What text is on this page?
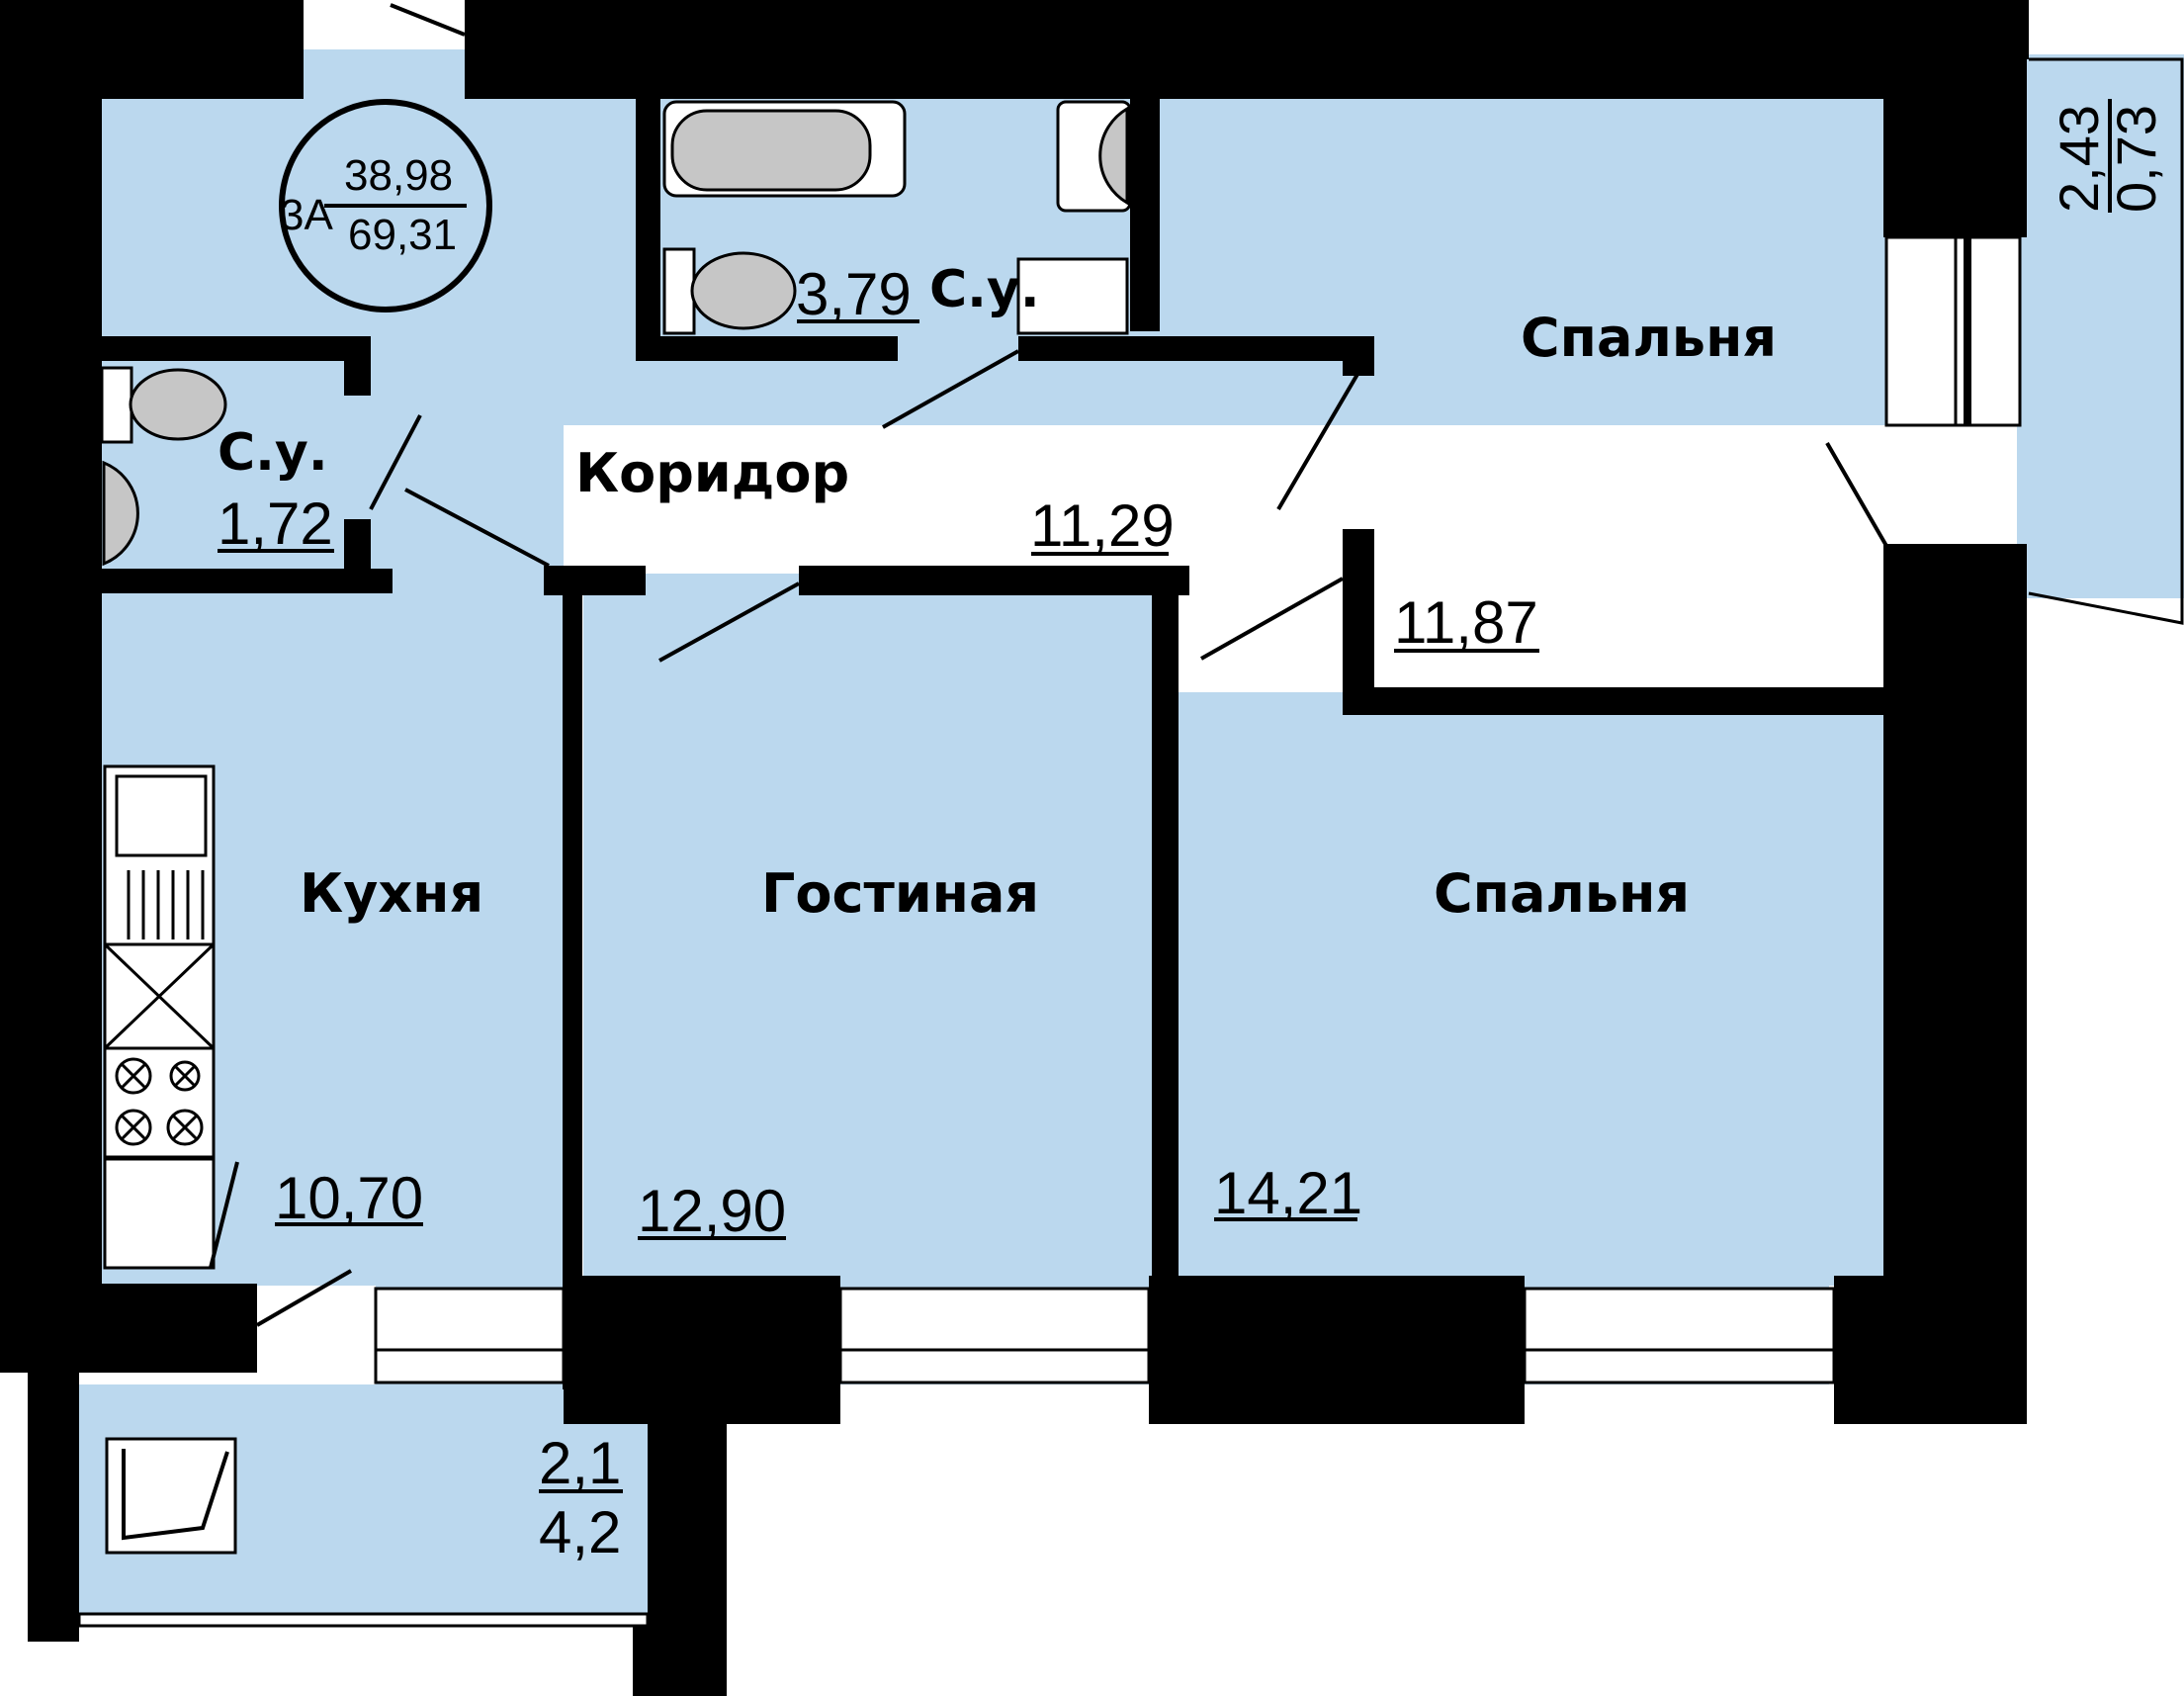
3А
38,98
69,31
С.у.
3,79
С.у.
1,72
Коридор
11,29
Спальня
11,87
Кухня
10,70
Гостиная
12,90
Спальня
14,21
2,1
4,2
2,43
0,73
